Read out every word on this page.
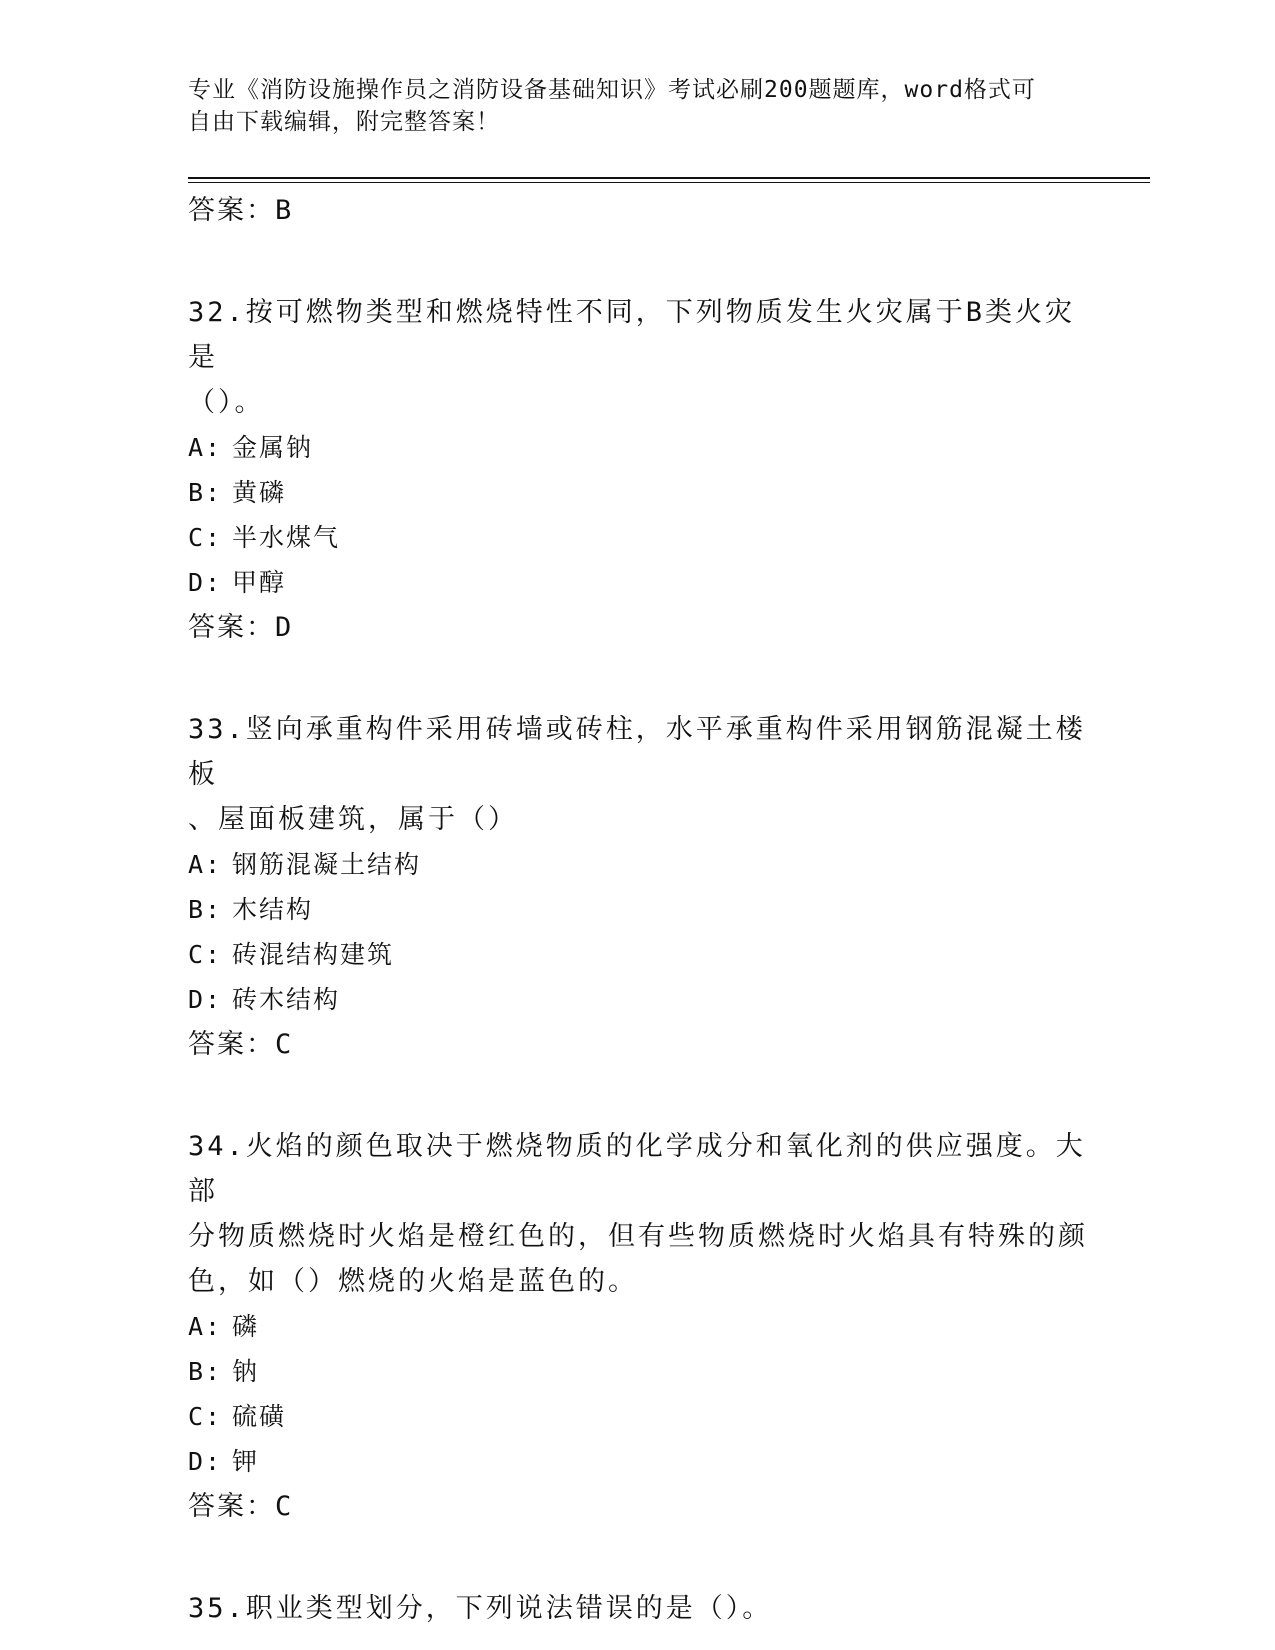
专业《消防设施操作员之消防设备基础知识》考试必刷200题题库，word格式可
自由下载编辑，附完整答案！

答案：B

32.按可燃物类型和燃烧特性不同，下列物质发生火灾属于B类火灾是

（）。

A: 金属钠

B: 黄磷

C: 半水煤气

D: 甲醇

答案：D

33.竖向承重构件采用砖墙或砖柱，水平承重构件采用钢筋混凝土楼板

、屋面板建筑，属于（）

A: 钢筋混凝土结构

B: 木结构

C: 砖混结构建筑

D: 砖木结构

答案：C

34.火焰的颜色取决于燃烧物质的化学成分和氧化剂的供应强度。大部

分物质燃烧时火焰是橙红色的，但有些物质燃烧时火焰具有特殊的颜

色，如（）燃烧的火焰是蓝色的。

A: 磷

B: 钠

C: 硫磺

D: 钾

答案：C

35.职业类型划分，下列说法错误的是（）。
